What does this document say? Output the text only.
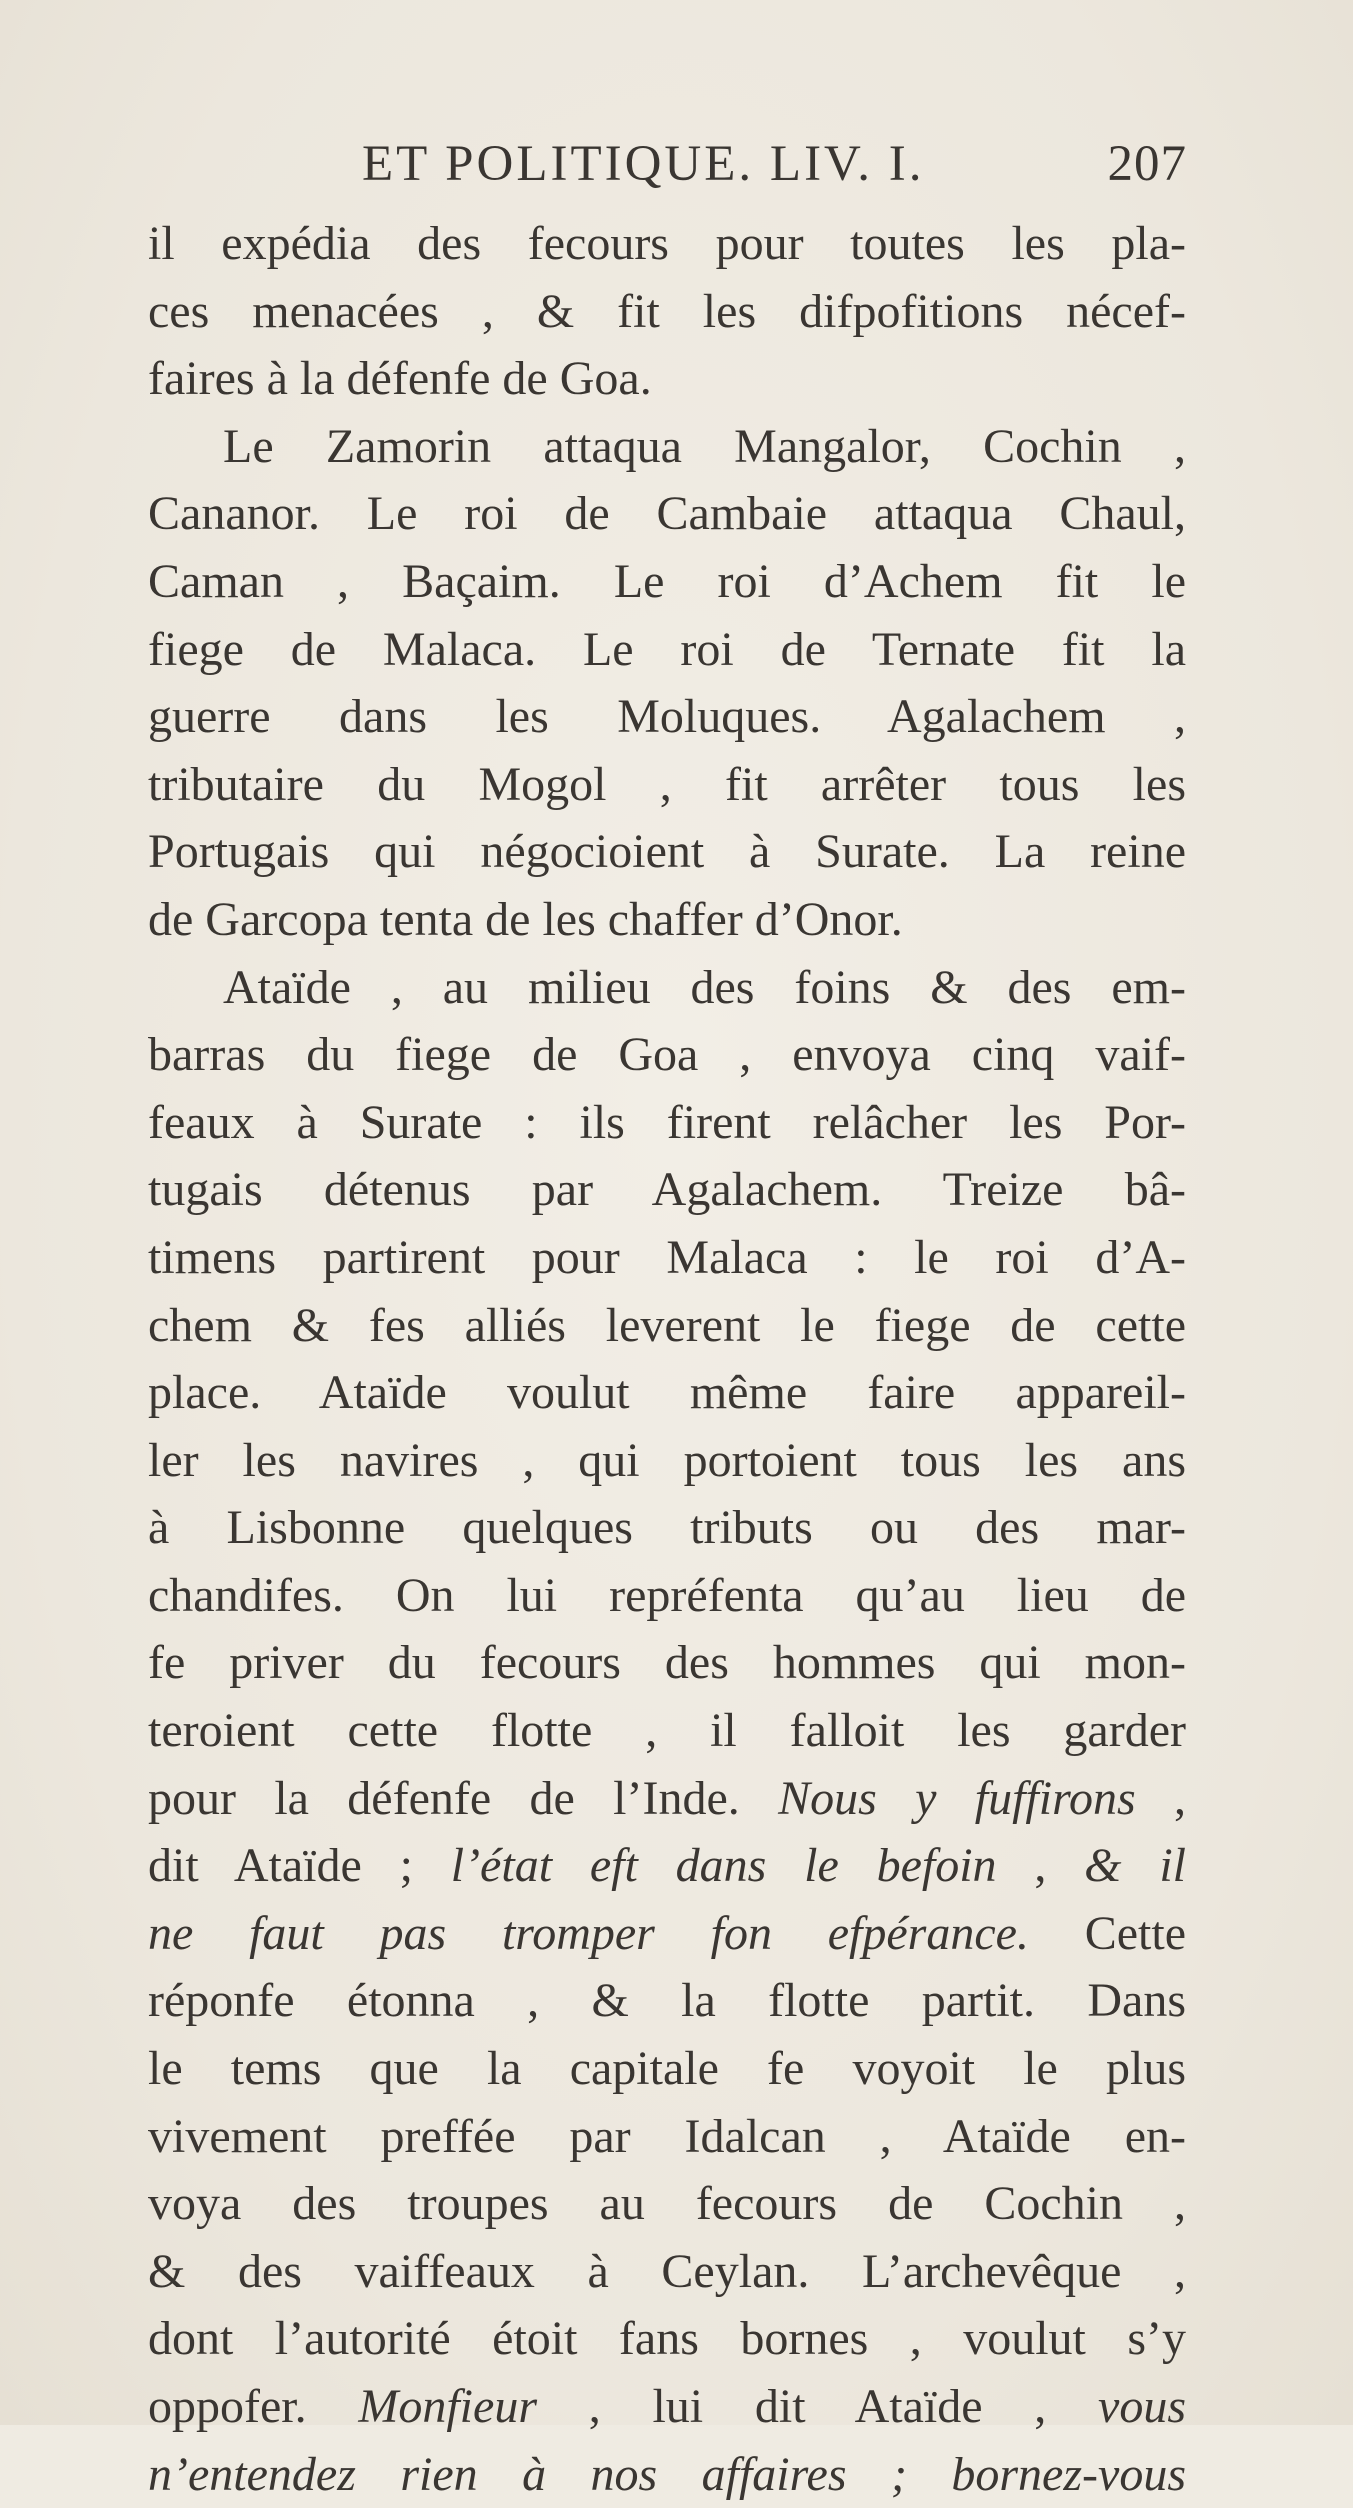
ET POLITIQUE. LIV. I.	207
il expédia des fecours pour toutes les pla-
ces menacées , & fit les difpofitions nécef-
faires à la défenfe de Goa.
Le Zamorin attaqua Mangalor, Cochin ,
Cananor. Le roi de Cambaie attaqua Chaul,
Caman , Baçaim. Le roi d’Achem fit le
fiege de Malaca. Le roi de Ternate fit la
guerre dans les Moluques. Agalachem ,
tributaire du Mogol , fit arrêter tous les
Portugais qui négocioient à Surate. La reine
de Garcopa tenta de les chaffer d’Onor.
Ataïde , au milieu des foins & des em-
barras du fiege de Goa , envoya cinq vaif-
feaux à Surate : ils firent relâcher les Por-
tugais détenus par Agalachem. Treize bâ-
timens partirent pour Malaca : le roi d’A-
chem & fes alliés leverent le fiege de cette
place. Ataïde voulut même faire appareil-
ler les navires , qui portoient tous les ans
à Lisbonne quelques tributs ou des mar-
chandifes. On lui repréfenta qu’au lieu de
fe priver du fecours des hommes qui mon-
teroient cette flotte , il falloit les garder
pour la défenfe de l’Inde. Nous y fuffirons ,
dit Ataïde ; l’état eft dans le befoin , & il
ne faut pas tromper fon efpérance. Cette
réponfe étonna , & la flotte partit. Dans
le tems que la capitale fe voyoit le plus
vivement preffée par Idalcan , Ataïde en-
voya des troupes au fecours de Cochin ,
& des vaiffeaux à Ceylan. L’archevêque ,
dont l’autorité étoit fans bornes , voulut s’y
oppofer. Monfieur , lui dit Ataïde , vous
n’entendez rien à nos affaires ; bornez-vous
